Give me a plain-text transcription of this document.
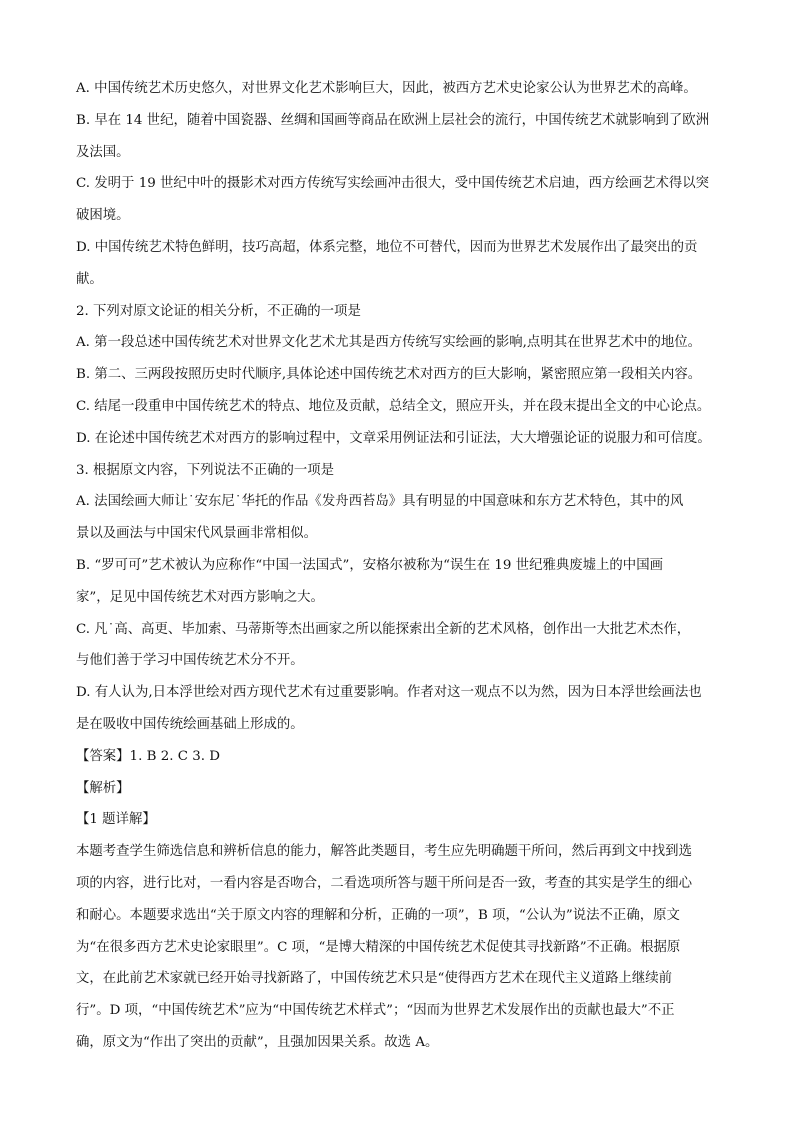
A. 中国传统艺术历史悠久，对世界文化艺术影响巨大，因此，被西方艺术史论家公认为世界艺术的高峰。

B. 早在 14 世纪，随着中国瓷器、丝绸和国画等商品在欧洲上层社会的流行，中国传统艺术就影响到了欧洲

及法国。

C. 发明于 19 世纪中叶的摄影术对西方传统写实绘画冲击很大，受中国传统艺术启迪，西方绘画艺术得以突

破困境。

D. 中国传统艺术特色鲜明，技巧高超，体系完整，地位不可替代，因而为世界艺术发展作出了最突出的贡

献。

2. 下列对原文论证的相关分析，不正确的一项是

A. 第一段总述中国传统艺术对世界文化艺术尤其是西方传统写实绘画的影响,点明其在世界艺术中的地位。

B. 第二、三两段按照历史时代顺序,具体论述中国传统艺术对西方的巨大影响，紧密照应第一段相关内容。

C. 结尾一段重申中国传统艺术的特点、地位及贡献，总结全文，照应开头，并在段末提出全文的中心论点。

D. 在论述中国传统艺术对西方的影响过程中，文章采用例证法和引证法，大大增强论证的说服力和可信度。

3. 根据原文内容，下列说法不正确的一项是

A. 法国绘画大师让˙安东尼˙华托的作品《发舟西苔岛》具有明显的中国意味和东方艺术特色，其中的风

景以及画法与中国宋代风景画非常相似。

B. “罗可可”艺术被认为应称作“中国一法国式”，安格尔被称为“误生在 19 世纪雅典废墟上的中国画

家”，足见中国传统艺术对西方影响之大。

C. 凡˙高、高更、毕加索、马蒂斯等杰出画家之所以能探索出全新的艺术风格，创作出一大批艺术杰作，

与他们善于学习中国传统艺术分不开。

D. 有人认为,日本浮世绘对西方现代艺术有过重要影响。作者对这一观点不以为然，因为日本浮世绘画法也

是在吸收中国传统绘画基础上形成的。

【答案】1. B 2. C 3. D

【解析】

【1 题详解】

本题考查学生筛选信息和辨析信息的能力，解答此类题目，考生应先明确题干所问，然后再到文中找到选

项的内容，进行比对，一看内容是否吻合，二看选项所答与题干所问是否一致，考查的其实是学生的细心

和耐心。本题要求选出“关于原文内容的理解和分析，正确的一项”，B 项，“公认为”说法不正确，原文

为“在很多西方艺术史论家眼里”。C 项，“是博大精深的中国传统艺术促使其寻找新路”不正确。根据原

文，在此前艺术家就已经开始寻找新路了，中国传统艺术只是“使得西方艺术在现代主义道路上继续前

行”。D 项，“中国传统艺术”应为“中国传统艺术样式”；“因而为世界艺术发展作出的贡献也最大”不正

确，原文为“作出了突出的贡献”，且强加因果关系。故选 A。
